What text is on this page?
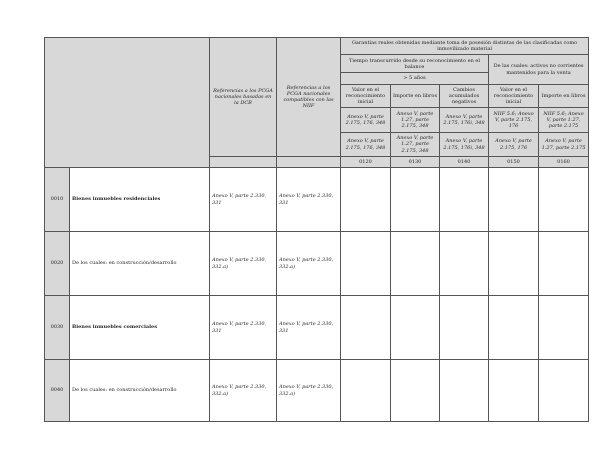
		Referencias a los PCGA nacionales basadas en la DCB	Referencias a los PCGA nacionales compatibles con las NIIF	Garantías reales obtenidas mediante toma de posesión distintas de las clasificadas como inmovilizado material				
				Tiempo transcurrido desde su reconocimiento en el balance			De las cuales: activos no corrientes mantenidos para la venta	
				> 5 años				
				Valor en el reconocimiento inicial	Importe en libros	Cambios acumulados negativos	Valor en el reconocimiento inicial	Importe en libros
				Anexo V, parte 2.175, 176, 348	Anexo V, parte 1.27, parte 2.175, 348	Anexo V, parte 2.175, 176i, 348	NIIF 5.6; Anexo V, parte 2.175, 176	NIIF 5.6; Anexo V, parte 1.27, parte 2.175
				Anexo V, parte 2.175, 176, 348	Anexo V, parte 1.27, parte 2.175, 348	Anexo V, parte 2.175, 176i, 348	Anexo V, parte 2.175, 176	Anexo V, parte 1.27, parte 2.175
				0120	0130	0140	0150	0160
0010	Bienes inmuebles residenciales	Anexo V, parte 2.330, 331	Anexo V, parte 2.330, 331					
0020	De los cuales: en construcción/desarrollo	Anexo V, parte 2.330, 332.a)	Anexo V, parte 2.330, 332.a)					
0030	Bienes inmuebles comerciales	Anexo V, parte 2.330, 331	Anexo V, parte 2.330, 331					
0040	De los cuales: en construcción/desarrollo	Anexo V, parte 2.330, 332.a)	Anexo V, parte 2.330, 332.a)					
